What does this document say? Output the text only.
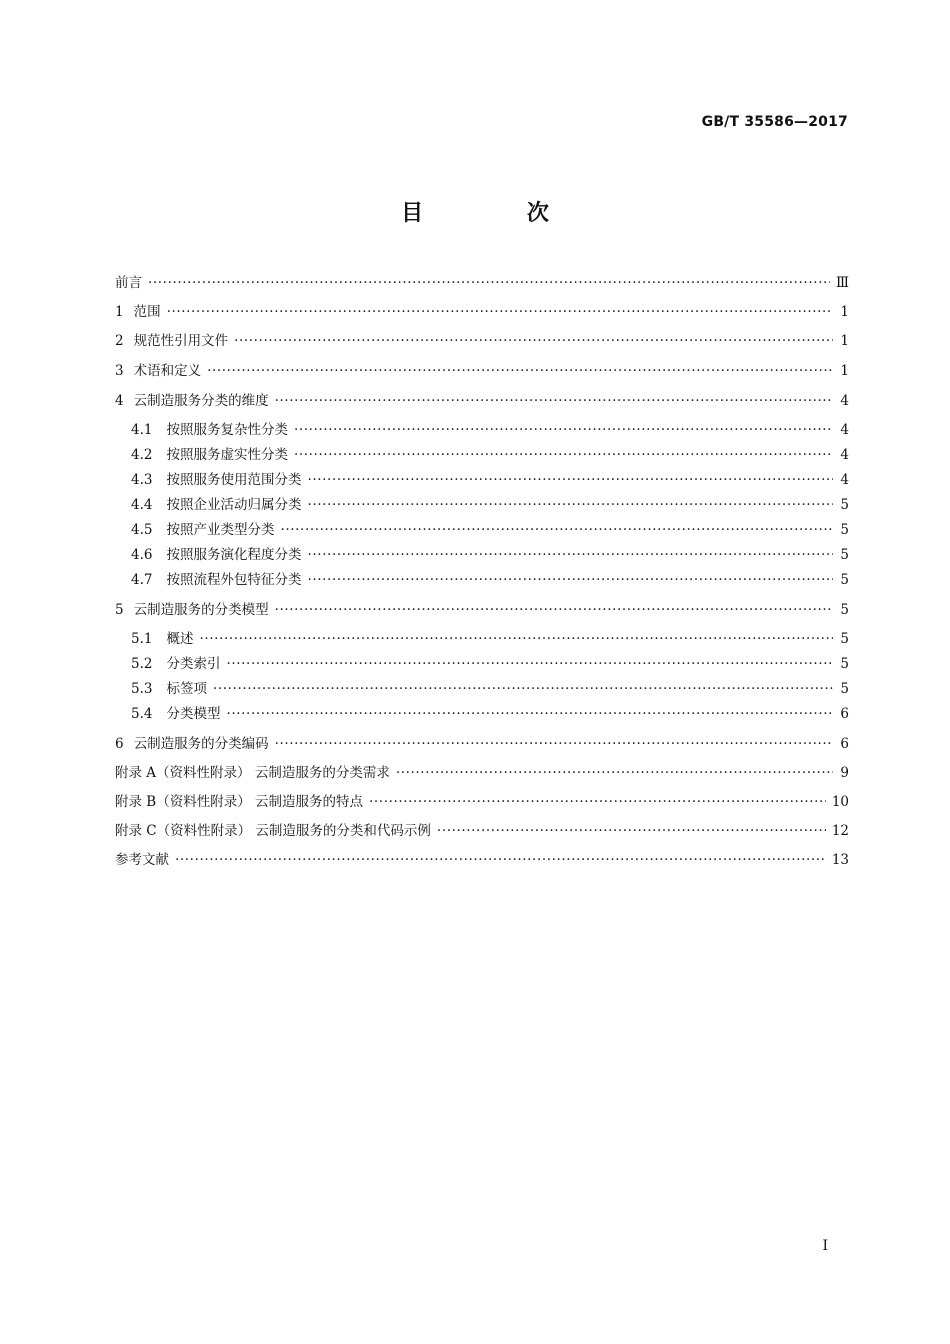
GB/T 35586—2017
目 次
前言 ·····	Ⅲ
1 范围 ·····	1
2 规范性引用文件 ·····	1
3 术语和定义 ·····	1
4 云制造服务分类的维度 ·····	4
4.1 按照服务复杂性分类 ·····	4
4.2 按照服务虚实性分类 ·····	4
4.3 按照服务使用范围分类 ·····	4
4.4 按照企业活动归属分类 ·····	5
4.5 按照产业类型分类 ·····	5
4.6 按照服务演化程度分类 ·····	5
4.7 按照流程外包特征分类 ·····	5
5 云制造服务的分类模型 ·····	5
5.1 概述 ·····	5
5.2 分类索引 ·····	5
5.3 标签项 ·····	5
5.4 分类模型 ·····	6
6 云制造服务的分类编码 ·····	6
附录 A（资料性附录） 云制造服务的分类需求 ·····	9
附录 B（资料性附录） 云制造服务的特点 ·····	10
附录 C（资料性附录） 云制造服务的分类和代码示例 ·····	12
参考文献 ·····	13
I
